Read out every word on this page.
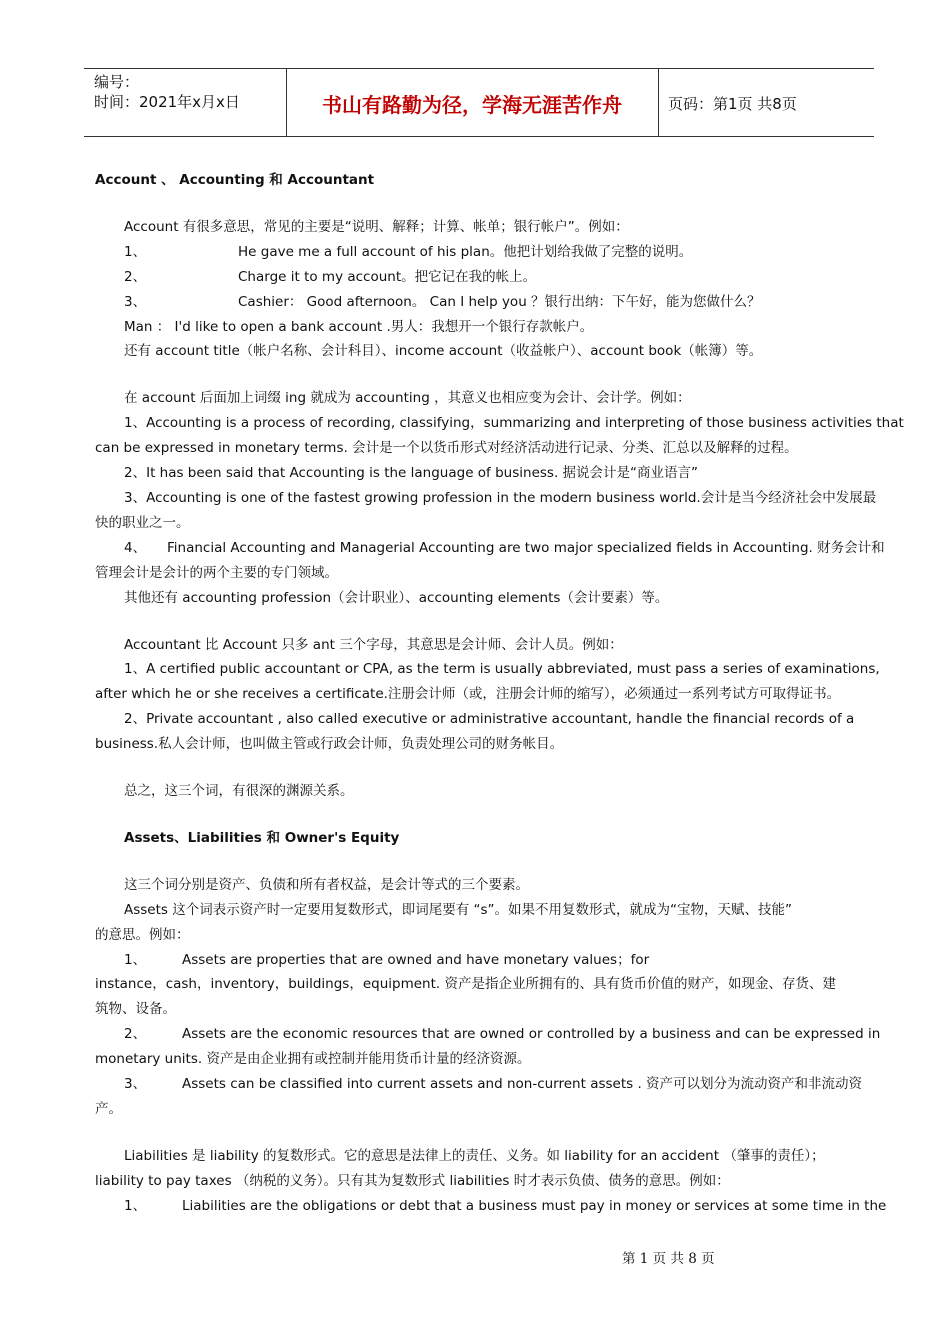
编号：
时间：2021年x月x日	书山有路勤为径，学海无涯苦作舟	页码：第1页 共8页

Account 、 Accounting 和 Accountant

Account 有很多意思，常见的主要是“说明、解释；计算、帐单；银行帐户”。例如：

1、	He gave me a full account of his plan。他把计划给我做了完整的说明。

2、	Charge it to my account。把它记在我的帐上。

3、	Cashier： Good afternoon。 Can I help you ？银行出纳：下午好，能为您做什么？

Man ： I'd like to open a bank account .男人：我想开一个银行存款帐户。

还有 account title（帐户名称、会计科目）、income account（收益帐户）、account book（帐簿）等。

在 account 后面加上词缀 ing 就成为 accounting ，其意义也相应变为会计、会计学。例如：

1、Accounting is a process of recording, classifying，summarizing and interpreting of those business activities that

can be expressed in monetary terms. 会计是一个以货币形式对经济活动进行记录、分类、汇总以及解释的过程。

2、It has been said that Accounting is the language of business. 据说会计是“商业语言”

3、Accounting is one of the fastest growing profession in the modern business world.会计是当今经济社会中发展最

快的职业之一。

4、 Financial Accounting and Managerial Accounting are two major specialized fields in Accounting. 财务会计和

管理会计是会计的两个主要的专门领域。

其他还有 accounting profession（会计职业）、accounting elements（会计要素）等。

Accountant 比 Account 只多 ant 三个字母，其意思是会计师、会计人员。例如：

1、A certified public accountant or CPA, as the term is usually abbreviated, must pass a series of examinations,

after which he or she receives a certificate.注册会计师（或，注册会计师的缩写），必须通过一系列考试方可取得证书。

2、Private accountant , also called executive or administrative accountant, handle the financial records of a

business.私人会计师，也叫做主管或行政会计师，负责处理公司的财务帐目。

总之，这三个词，有很深的渊源关系。

Assets、Liabilities 和 Owner's Equity

这三个词分别是资产、负债和所有者权益，是会计等式的三个要素。

Assets 这个词表示资产时一定要用复数形式，即词尾要有 “s”。如果不用复数形式，就成为“宝物，天赋、技能”

的意思。例如：

1、	Assets are properties that are owned and have monetary values；for

instance，cash，inventory，buildings，equipment. 资产是指企业所拥有的、具有货币价值的财产，如现金、存货、建

筑物、设备。

2、	Assets are the economic resources that are owned or controlled by a business and can be expressed in

monetary units. 资产是由企业拥有或控制并能用货币计量的经济资源。

3、	Assets can be classified into current assets and non-current assets . 资产可以划分为流动资产和非流动资

产。

Liabilities 是 liability 的复数形式。它的意思是法律上的责任、义务。如 liability for an accident （肇事的责任）；

liability to pay taxes （纳税的义务）。只有其为复数形式 liabilities 时才表示负债、债务的意思。例如：

1、	Liabilities are the obligations or debt that a business must pay in money or services at some time in the

第 1 页 共 8 页
